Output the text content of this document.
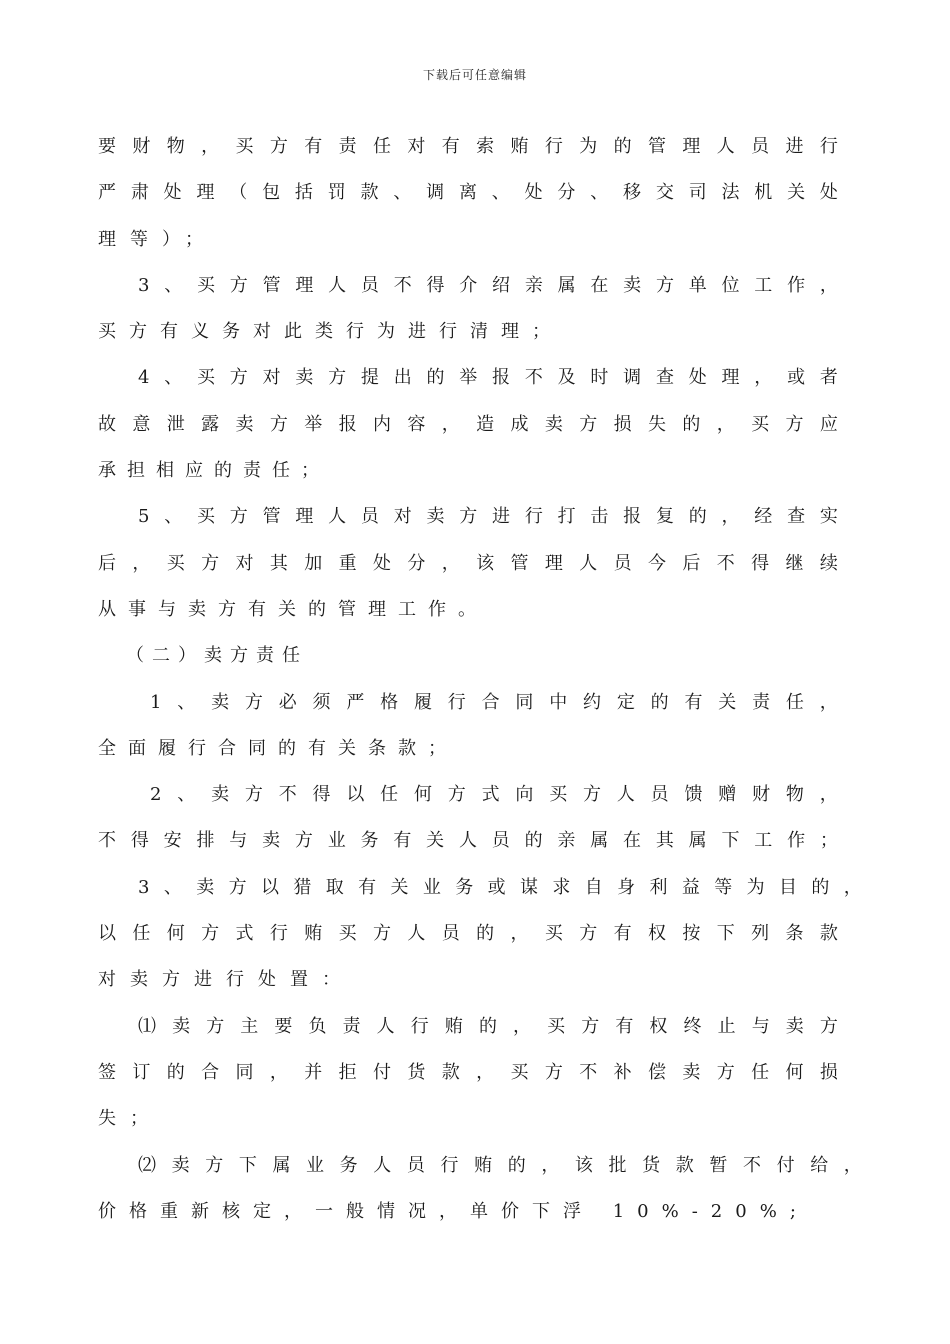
下载后可任意编辑
要 财 物 ， 买 方 有 责 任 对 有 索 贿 行 为 的 管 理 人 员 进 行
严 肃 处 理 （ 包 括 罚 款 、 调 离 、 处 分 、 移 交 司 法 机 关 处
理等）；
3 、 买 方 管 理 人 员 不 得 介 绍 亲 属 在 卖 方 单 位 工 作 ，
买方有义务对此类行为进行清理；
4 、 买 方 对 卖 方 提 出 的 举 报 不 及 时 调 查 处 理 ， 或 者
故 意 泄 露 卖 方 举 报 内 容 ， 造 成 卖 方 损 失 的 ， 买 方 应
承担相应的责任；
5 、 买 方 管 理 人 员 对 卖 方 进 行 打 击 报 复 的 ， 经 查 实
后 ， 买 方 对 其 加 重 处 分 ， 该 管 理 人 员 今 后 不 得 继 续
从事与卖方有关的管理工作。
（二）卖方责任
1 、 卖 方 必 须 严 格 履 行 合 同 中 约 定 的 有 关 责 任 ，
全面履行合同的有关条款；
2 、 卖 方 不 得 以 任 何 方 式 向 买 方 人 员 馈 赠 财 物 ，
不 得 安 排 与 卖 方 业 务 有 关 人 员 的 亲 属 在 其 属 下 工 作 ；
3 、 卖 方 以 猎 取 有 关 业 务 或 谋 求 自 身 利 益 等 为 目 的 ，
以 任 何 方 式 行 贿 买 方 人 员 的 ， 买 方 有 权 按 下 列 条 款
对卖方进行处置：
⑴ 卖 方 主 要 负 责 人 行 贿 的 ， 买 方 有 权 终 止 与 卖 方
签 订 的 合 同 ， 并 拒 付 货 款 ， 买 方 不 补 偿 卖 方 任 何 损
失；
⑵ 卖 方 下 属 业 务 人 员 行 贿 的 ， 该 批 货 款 暂 不 付 给 ，
价格重新核定，一般情况，单价下浮 10%-20%;
